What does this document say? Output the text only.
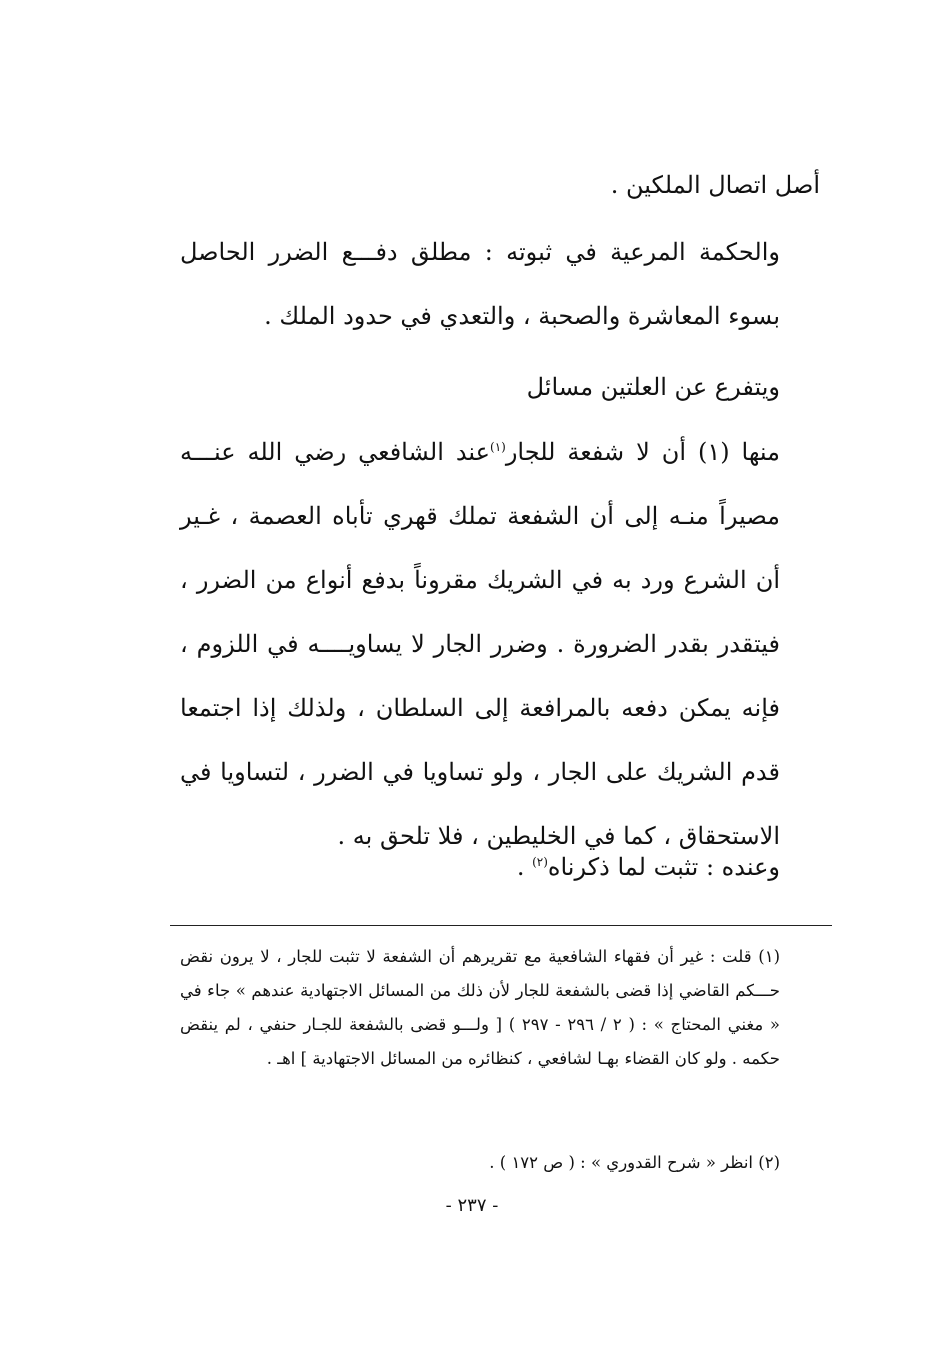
أصل اتصال الملكين .

والحكمة المرعية في ثبوته : مطلق دفـــع الضرر الحاصل بسوء المعاشرة والصحبة ، والتعدي في حدود الملك .

ويتفرع عن العلتين مسائل

منها (١) أن لا شفعة للجار$^{(١)}$عند الشافعي رضي الله عنـــه مصيراً منـه إلى أن الشفعة تملك قهري تأباه العصمة ، غـير أن الشرع ورد به في الشريك مقروناً بدفع أنواع من الضرر ، فيتقدر بقدر الضرورة . وضرر الجار لا يساويــــه في اللزوم ، فإنه يمكن دفعه بالمرافعة إلى السلطان ، ولذلك إذا اجتمعا قدم الشريك على الجار ، ولو تساويا في الضرر ، لتساويا في الاستحقاق ، كما في الخليطين ، فلا تلحق به .

وعنده : تثبت لما ذكرناه$^{(٢)}$ .

(١) قلت : غير أن فقهاء الشافعية مع تقريرهم أن الشفعة لا تثبت للجار ، لا يرون نقض حـــكم القاضي إذا قضى بالشفعة للجار لأن ذلك من المسائل الاجتهادية عندهم » جاء في « مغني المحتاج » : ( ٢ / ٢٩٦ - ٢٩٧ ) [ ولـــو قضى بالشفعة للجـار حنفي ، لم ينقض حكمه . ولو كان القضاء بهـا لشافعي ، كنظائره من المسائل الاجتهادية ] اهـ .

(٢) انظر « شرح القدوري » : ( ص ١٧٢ ) .

- ٢٣٧ -
